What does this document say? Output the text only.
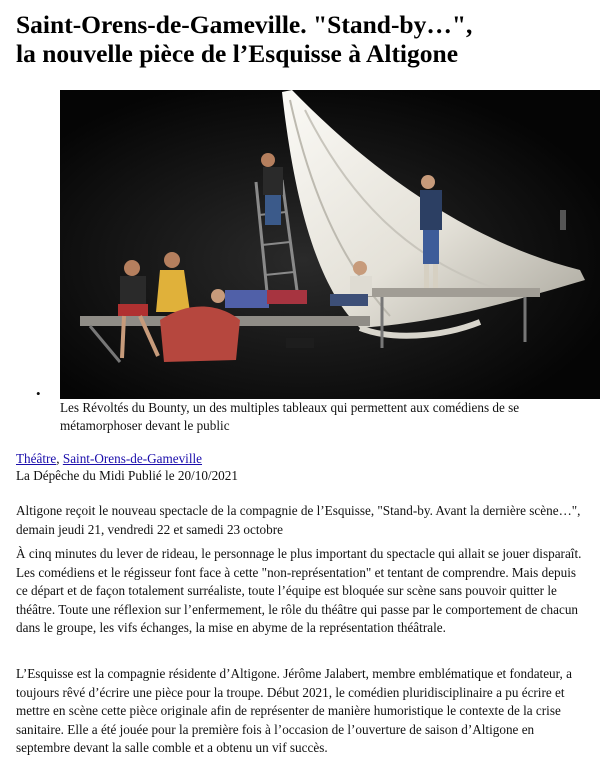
Saint-Orens-de-Gameville. "Stand-by…",
la nouvelle pièce de l’Esquisse à Altigone
•
Les Révoltés du Bounty, un des multiples tableaux qui permettent aux comédiens de se métamorphoser devant le public
Théâtre, Saint-Orens-de-Gameville
La Dépêche du Midi Publié le 20/10/2021

Altigone reçoit le nouveau spectacle de la compagnie de l’Esquisse, "Stand-by. Avant la dernière scène…", demain jeudi 21, vendredi 22 et samedi 23 octobre

À cinq minutes du lever de rideau, le personnage le plus important du spectacle qui allait se jouer disparaît. Les comédiens et le régisseur font face à cette "non-représentation" et tentant de comprendre. Mais depuis ce départ et de façon totalement surréaliste, toute l’équipe est bloquée sur scène sans pouvoir quitter le théâtre. Toute une réflexion sur l’enfermement, le rôle du théâtre qui passe par le comportement de chacun dans le groupe, les vifs échanges, la mise en abyme de la représentation théâtrale.

L’Esquisse est la compagnie résidente d’Altigone. Jérôme Jalabert, membre emblématique et fondateur, a toujours rêvé d’écrire une pièce pour la troupe. Début 2021, le comédien pluridisciplinaire a pu écrire et mettre en scène cette pièce originale afin de représenter de manière humoristique le contexte de la crise sanitaire. Elle a été jouée pour la première fois à l’occasion de l’ouverture de saison d’Altigone en septembre devant la salle comble et a obtenu un vif succès.
